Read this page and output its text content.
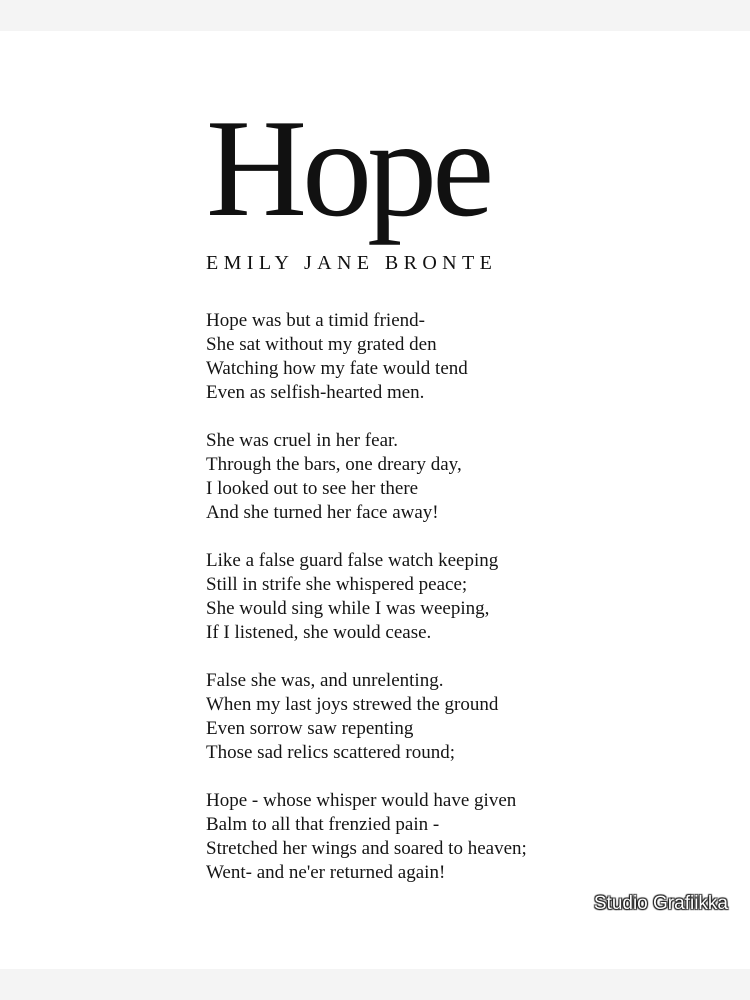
Hope
EMILY JANE BRONTE
Hope was but a timid friend-
She sat without my grated den
Watching how my fate would tend
Even as selfish-hearted men.
She was cruel in her fear.
Through the bars, one dreary day,
I looked out to see her there
And she turned her face away!
Like a false guard false watch keeping
Still in strife she whispered peace;
She would sing while I was weeping,
If I listened, she would cease.
False she was, and unrelenting.
When my last joys strewed the ground
Even sorrow saw repenting
Those sad relics scattered round;
Hope - whose whisper would have given
Balm to all that frenzied pain -
Stretched her wings and soared to heaven;
Went- and ne'er returned again!
Studio Grafiikka
